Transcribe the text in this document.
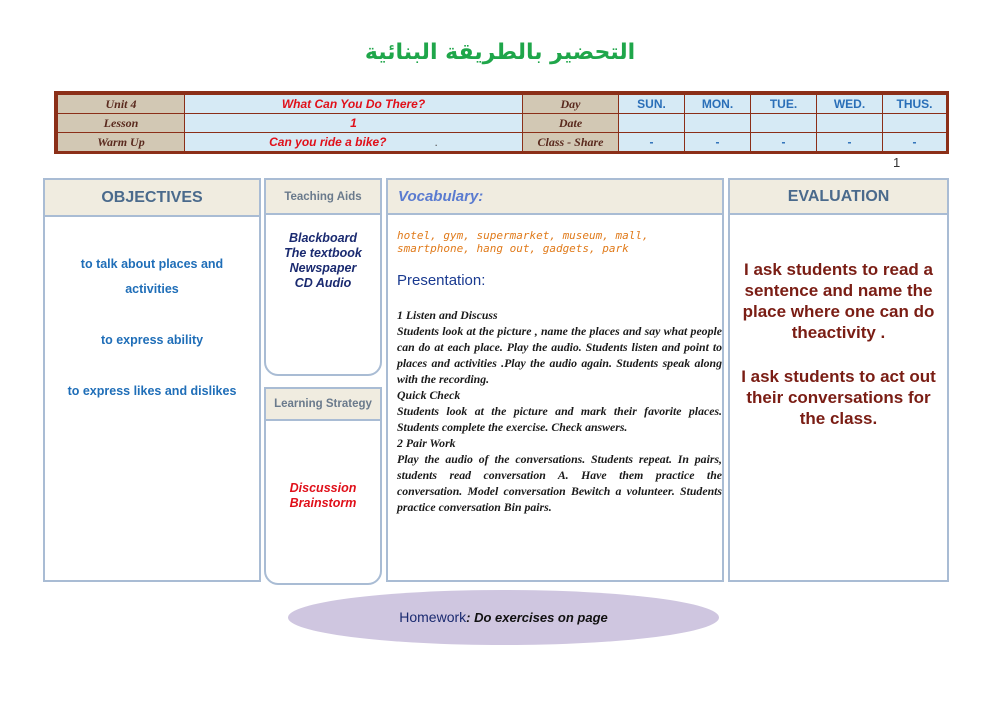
التحضير بالطريقة البنائية
Unit 4	What Can You Do There?	Day	SUN.	MON.	TUE.	WED.	THUS.
Lesson	1	Date					
Warm Up	Can you ride a bike? .	Class - Share	-	-	-	-	-
1
OBJECTIVES
to talk about places and
activities
to express ability
to express likes and dislikes
Teaching Aids
Blackboard
The textbook
Newspaper
CD Audio
Learning Strategy
Discussion
Brainstorm
Vocabulary:
hotel, gym, supermarket, museum, mall,
smartphone, hang out, gadgets, park
Presentation:
1 Listen and Discuss
Students look at the picture , name the places and say what people can do at each place. Play the audio. Students listen and point to places and activities .Play the audio again. Students speak along with the recording.
Quick Check
Students look at the picture and mark their favorite places. Students complete the exercise. Check answers.
2 Pair Work
Play the audio of the conversations. Students repeat. In pairs, students read conversation A. Have them practice the conversation. Model conversation Bewitch a volunteer. Students practice conversation Bin pairs.
EVALUATION
I ask students to read a sentence and name the place where one can do theactivity .
I ask students to act out their conversations for the class.
Homework: Do exercises on page
